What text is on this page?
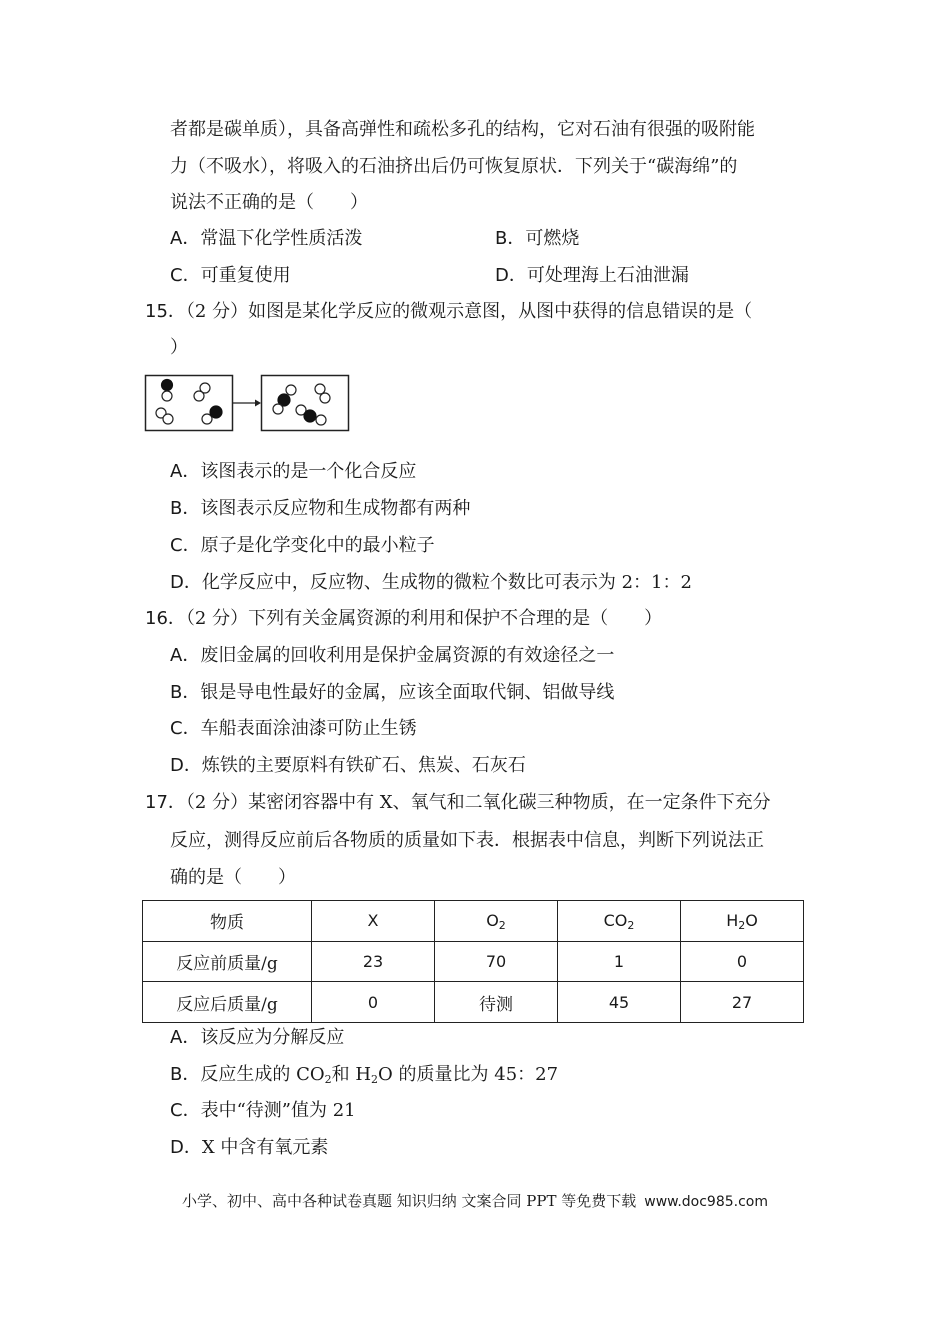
者都是碳单质），具备高弹性和疏松多孔的结构，它对石油有很强的吸附能
力（不吸水），将吸入的石油挤出后仍可恢复原状．下列关于“碳海绵”的
说法不正确的是（　　）
A．常温下化学性质活泼	B．可燃烧
C．可重复使用	D．可处理海上石油泄漏
15．（2 分）如图是某化学反应的微观示意图，从图中获得的信息错误的是（
）
A．该图表示的是一个化合反应
B．该图表示反应物和生成物都有两种
C．原子是化学变化中的最小粒子
D．化学反应中，反应物、生成物的微粒个数比可表示为 2：1：2
16．（2 分）下列有关金属资源的利用和保护不合理的是（　　）
A．废旧金属的回收利用是保护金属资源的有效途径之一
B．银是导电性最好的金属，应该全面取代铜、铝做导线
C．车船表面涂油漆可防止生锈
D．炼铁的主要原料有铁矿石、焦炭、石灰石
17．（2 分）某密闭容器中有 X、氧气和二氧化碳三种物质，在一定条件下充分
反应，测得反应前后各物质的质量如下表．根据表中信息，判断下列说法正
确的是（　　）
物质	X	$O_2$	$CO_2$	$H_2O$
反应前质量/g	23	70	1	0
反应后质量/g	0	待测	45	27
A．该反应为分解反应
B．反应生成的 $CO_2$和 $H_2O$ 的质量比为 45：27
C．表中“待测”值为 21
D．X 中含有氧元素
小学、初中、高中各种试卷真题 知识归纳 文案合同 PPT 等免费下载 www.doc985.com
